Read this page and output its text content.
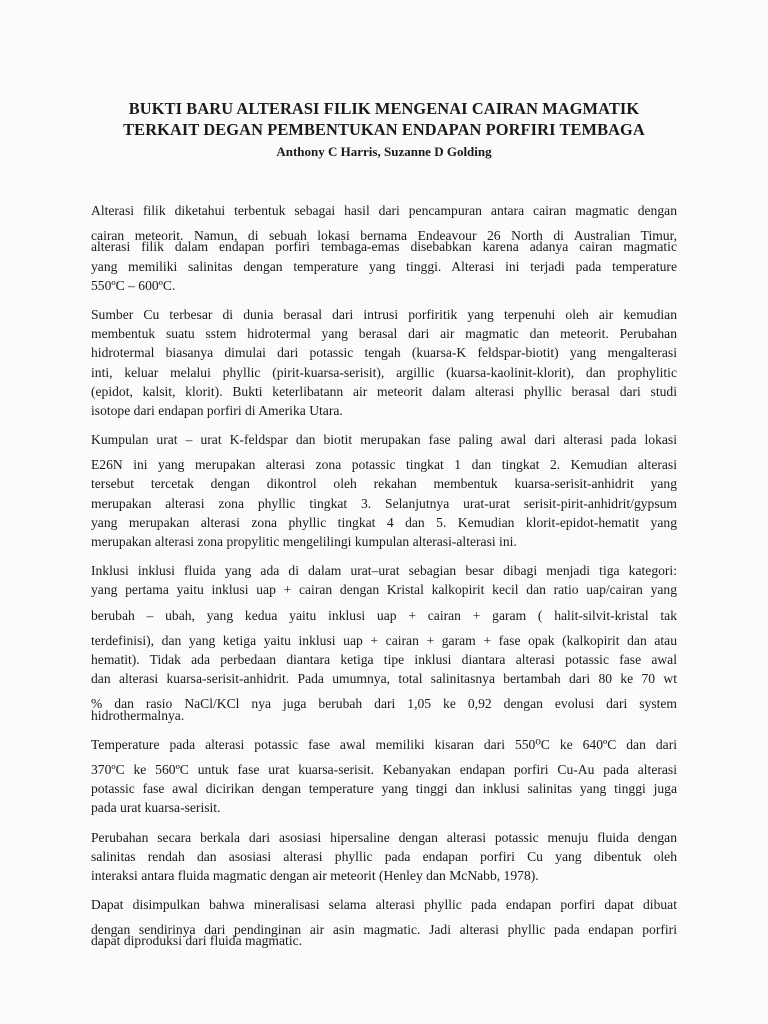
BUKTI BARU ALTERASI FILIK MENGENAI CAIRAN MAGMATIK

TERKAIT DEGAN PEMBENTUKAN ENDAPAN PORFIRI TEMBAGA

Anthony C Harris, Suzanne D Golding
Alterasi filik diketahui terbentuk sebagai hasil dari pencampuran antara cairan magmatic dengan
cairan meteorit. Namun, di sebuah lokasi bernama Endeavour 26 North di Australian Timur,
alterasi filik dalam endapan porfiri tembaga-emas disebabkan karena adanya cairan magmatic
yang memiliki salinitas dengan temperature yang tinggi. Alterasi ini terjadi pada temperature
550ºC – 600ºC.
Sumber Cu terbesar di dunia berasal dari intrusi porfiritik yang terpenuhi oleh air kemudian
membentuk suatu sstem hidrotermal yang berasal dari air magmatic dan meteorit. Perubahan
hidrotermal biasanya dimulai dari potassic tengah (kuarsa-K feldspar-biotit) yang mengalterasi
inti, keluar melalui phyllic (pirit-kuarsa-serisit), argillic (kuarsa-kaolinit-klorit), dan prophylitic
(epidot, kalsit, klorit). Bukti keterlibatann air meteorit dalam alterasi phyllic berasal dari studi
isotope dari endapan porfiri di Amerika Utara.
Kumpulan urat – urat K-feldspar dan biotit merupakan fase paling awal dari alterasi pada lokasi
E26N ini yang merupakan alterasi zona potassic tingkat 1 dan tingkat 2. Kemudian alterasi
tersebut tercetak dengan dikontrol oleh rekahan membentuk kuarsa-serisit-anhidrit yang
merupakan alterasi zona phyllic tingkat 3. Selanjutnya urat-urat serisit-pirit-anhidrit/gypsum
yang merupakan alterasi zona phyllic tingkat 4 dan 5. Kemudian klorit-epidot-hematit yang
merupakan alterasi zona propylitic mengelilingi kumpulan alterasi-alterasi ini.
Inklusi inklusi fluida yang ada di dalam urat–urat sebagian besar dibagi menjadi tiga kategori:
yang pertama yaitu inklusi uap + cairan dengan Kristal kalkopirit kecil dan ratio uap/cairan yang
berubah – ubah, yang kedua yaitu inklusi uap + cairan + garam ( halit-silvit-kristal tak
terdefinisi), dan yang ketiga yaitu inklusi uap + cairan + garam + fase opak (kalkopirit dan atau
hematit). Tidak ada perbedaan diantara ketiga tipe inklusi diantara alterasi potassic fase awal
dan alterasi kuarsa-serisit-anhidrit. Pada umumnya, total salinitasnya bertambah dari 80 ke 70 wt
% dan rasio NaCl/KCl nya juga berubah dari 1,05 ke 0,92 dengan evolusi dari system
hidrothermalnya.
Temperature pada alterasi potassic fase awal memiliki kisaran dari 550⁰C ke 640ºC dan dari
370ºC ke 560ºC untuk fase urat kuarsa-serisit. Kebanyakan endapan porfiri Cu-Au pada alterasi
potassic fase awal dicirikan dengan temperature yang tinggi dan inklusi salinitas yang tinggi juga
pada urat kuarsa-serisit.
Perubahan secara berkala dari asosiasi hipersaline dengan alterasi potassic menuju fluida dengan
salinitas rendah dan asosiasi alterasi phyllic pada endapan porfiri Cu yang dibentuk oleh
interaksi antara fluida magmatic dengan air meteorit (Henley dan McNabb, 1978).
Dapat disimpulkan bahwa mineralisasi selama alterasi phyllic pada endapan porfiri dapat dibuat
dengan sendirinya dari pendinginan air asin magmatic. Jadi alterasi phyllic pada endapan porfiri
dapat diproduksi dari fluida magmatic.
